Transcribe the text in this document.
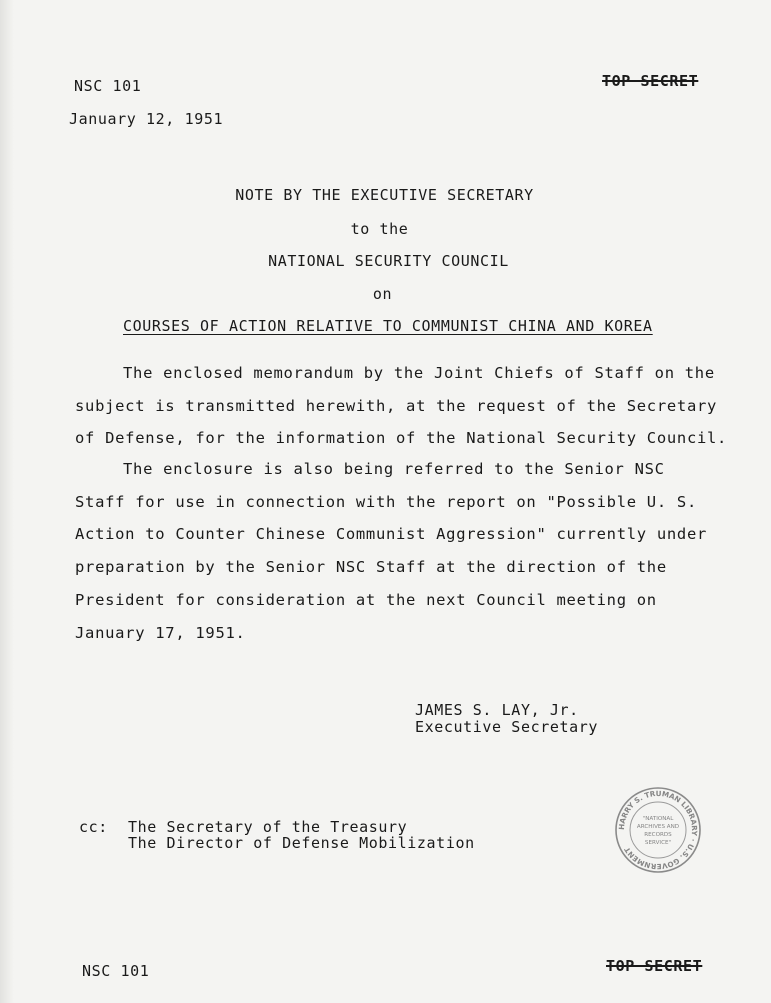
NSC 101	TOP SECRET
January 12, 1951
NOTE BY THE EXECUTIVE SECRETARY
to the
NATIONAL SECURITY COUNCIL
on
COURSES OF ACTION RELATIVE TO COMMUNIST CHINA AND KOREA
The enclosed memorandum by the Joint Chiefs of Staff on the
subject is transmitted herewith, at the request of the Secretary
of Defense, for the information of the National Security Council.
The enclosure is also being referred to the Senior NSC
Staff for use in connection with the report on "Possible U. S.
Action to Counter Chinese Communist Aggression" currently under
preparation by the Senior NSC Staff at the direction of the
President for consideration at the next Council meeting on
January 17, 1951.
JAMES S. LAY, Jr.
Executive Secretary
HARRY S. TRUMAN LIBRARY · U.S. GOVERNMENT
"NATIONAL
ARCHIVES AND
RECORDS
SERVICE"
cc: The Secretary of the Treasury
The Director of Defense Mobilization
NSC 101	TOP SECRET
